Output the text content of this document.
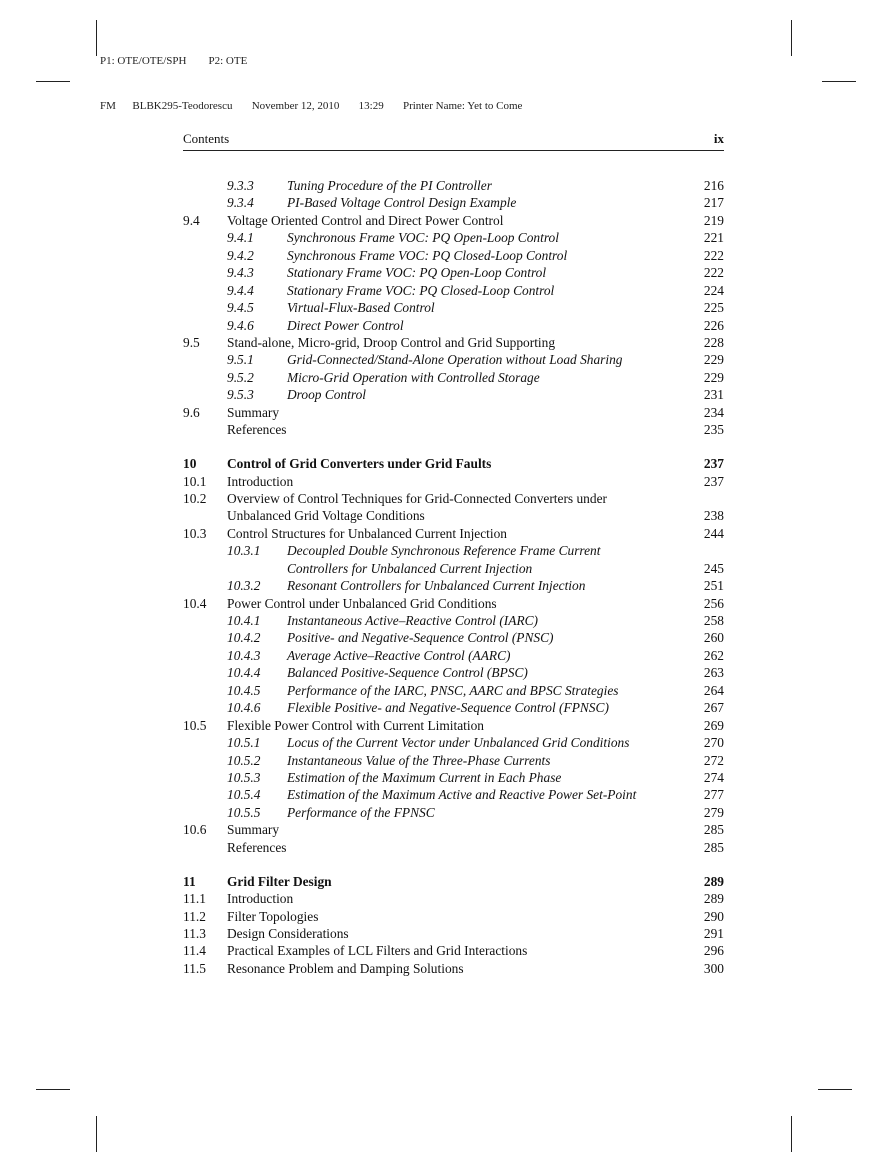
P1: OTE/OTE/SPH P2: OTE

FM BLBK295-Teodorescu November 12, 2010 13:29 Printer Name: Yet to Come

Contents	ix
9.3.3 Tuning Procedure of the PI Controller	216
9.3.4 PI-Based Voltage Control Design Example	217
9.4 Voltage Oriented Control and Direct Power Control	219
9.4.1 Synchronous Frame VOC: PQ Open-Loop Control	221
9.4.2 Synchronous Frame VOC: PQ Closed-Loop Control	222
9.4.3 Stationary Frame VOC: PQ Open-Loop Control	222
9.4.4 Stationary Frame VOC: PQ Closed-Loop Control	224
9.4.5 Virtual-Flux-Based Control	225
9.4.6 Direct Power Control	226
9.5 Stand-alone, Micro-grid, Droop Control and Grid Supporting	228
9.5.1 Grid-Connected/Stand-Alone Operation without Load Sharing	229
9.5.2 Micro-Grid Operation with Controlled Storage	229
9.5.3 Droop Control	231
9.6 Summary	234
References	235
10 Control of Grid Converters under Grid Faults	237
10.1 Introduction	237
10.2 Overview of Control Techniques for Grid-Connected Converters under
Unbalanced Grid Voltage Conditions	238
10.3 Control Structures for Unbalanced Current Injection	244
10.3.1 Decoupled Double Synchronous Reference Frame Current
Controllers for Unbalanced Current Injection	245
10.3.2 Resonant Controllers for Unbalanced Current Injection	251
10.4 Power Control under Unbalanced Grid Conditions	256
10.4.1 Instantaneous Active–Reactive Control (IARC)	258
10.4.2 Positive- and Negative-Sequence Control (PNSC)	260
10.4.3 Average Active–Reactive Control (AARC)	262
10.4.4 Balanced Positive-Sequence Control (BPSC)	263
10.4.5 Performance of the IARC, PNSC, AARC and BPSC Strategies	264
10.4.6 Flexible Positive- and Negative-Sequence Control (FPNSC)	267
10.5 Flexible Power Control with Current Limitation	269
10.5.1 Locus of the Current Vector under Unbalanced Grid Conditions	270
10.5.2 Instantaneous Value of the Three-Phase Currents	272
10.5.3 Estimation of the Maximum Current in Each Phase	274
10.5.4 Estimation of the Maximum Active and Reactive Power Set-Point	277
10.5.5 Performance of the FPNSC	279
10.6 Summary	285
References	285
11 Grid Filter Design	289
11.1 Introduction	289
11.2 Filter Topologies	290
11.3 Design Considerations	291
11.4 Practical Examples of LCL Filters and Grid Interactions	296
11.5 Resonance Problem and Damping Solutions	300
